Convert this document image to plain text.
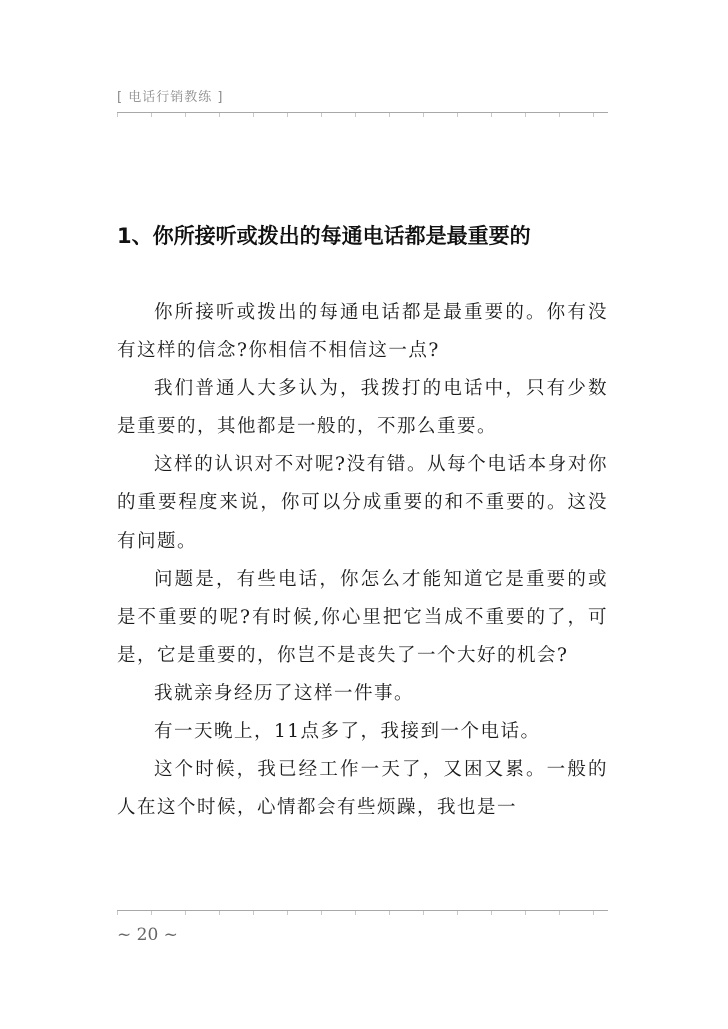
[ 电话行销教练 ]
1、你所接听或拨出的每通电话都是最重要的

你所接听或拨出的每通电话都是最重要的。你有没有这样的信念?你相信不相信这一点?

我们普通人大多认为，我拨打的电话中，只有少数是重要的，其他都是一般的，不那么重要。

这样的认识对不对呢?没有错。从每个电话本身对你的重要程度来说，你可以分成重要的和不重要的。这没有问题。

问题是，有些电话，你怎么才能知道它是重要的或是不重要的呢?有时候,你心里把它当成不重要的了，可是，它是重要的，你岂不是丧失了一个大好的机会?

我就亲身经历了这样一件事。

有一天晚上，11点多了，我接到一个电话。

这个时候，我已经工作一天了，又困又累。一般的人在这个时候，心情都会有些烦躁，我也是一

~ 20 ~
